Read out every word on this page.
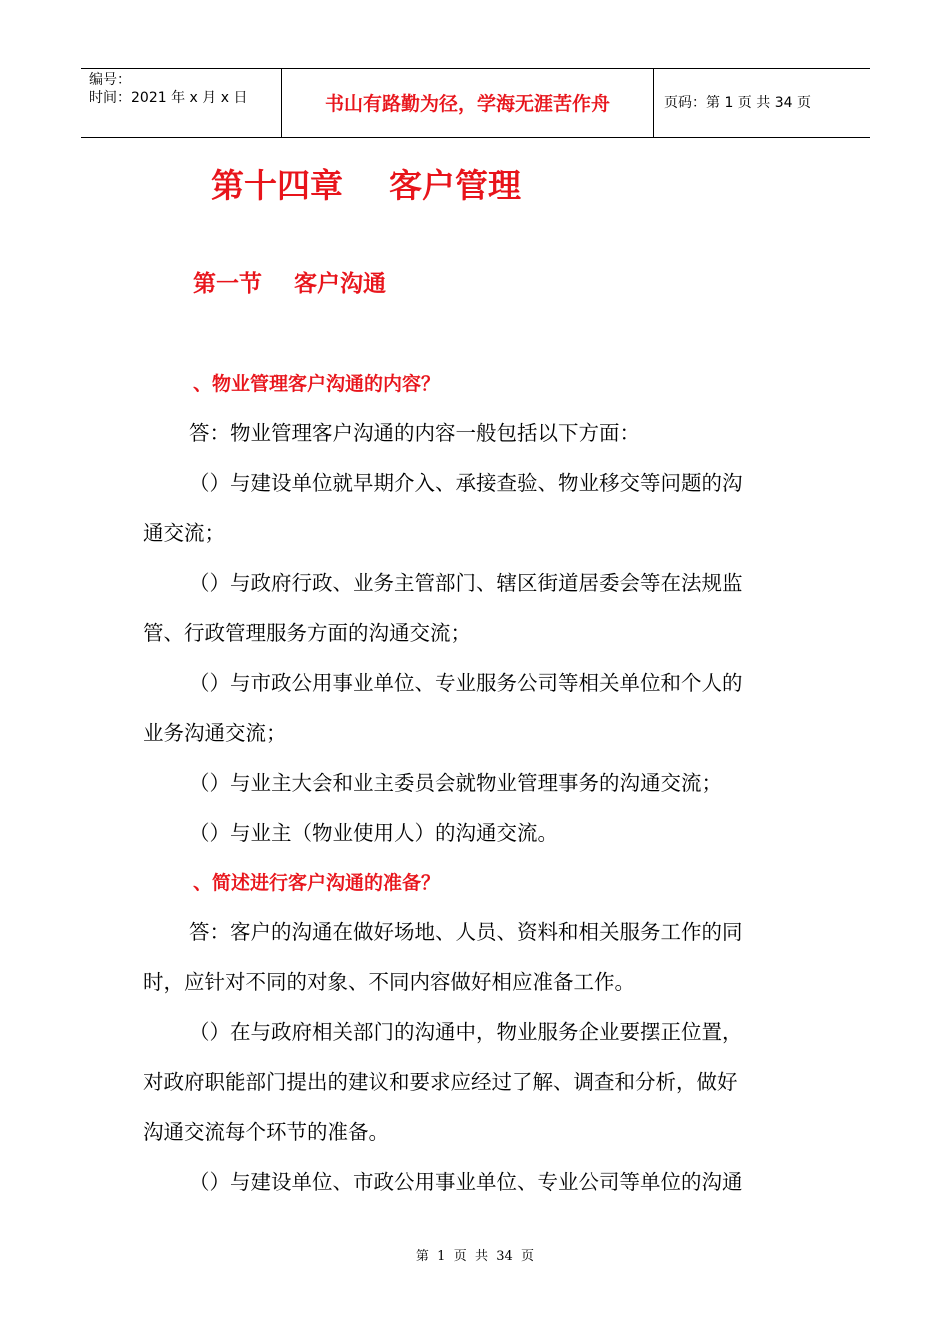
编号：
时间：2021 年 x 月 x 日	书山有路勤为径，学海无涯苦作舟	页码：第 1 页 共 34 页
第十四章    客户管理
第一节    客户沟通
、物业管理客户沟通的内容？
答：物业管理客户沟通的内容一般包括以下方面：
（）与建设单位就早期介入、承接查验、物业移交等问题的沟
通交流；
（）与政府行政、业务主管部门、辖区街道居委会等在法规监
管、行政管理服务方面的沟通交流；
（）与市政公用事业单位、专业服务公司等相关单位和个人的
业务沟通交流；
（）与业主大会和业主委员会就物业管理事务的沟通交流；
（）与业主（物业使用人）的沟通交流。
、简述进行客户沟通的准备？
答：客户的沟通在做好场地、人员、资料和相关服务工作的同
时，应针对不同的对象、不同内容做好相应准备工作。
（）在与政府相关部门的沟通中，物业服务企业要摆正位置，
对政府职能部门提出的建议和要求应经过了解、调查和分析，做好
沟通交流每个环节的准备。
（）与建设单位、市政公用事业单位、专业公司等单位的沟通
第  1  页  共  34  页
